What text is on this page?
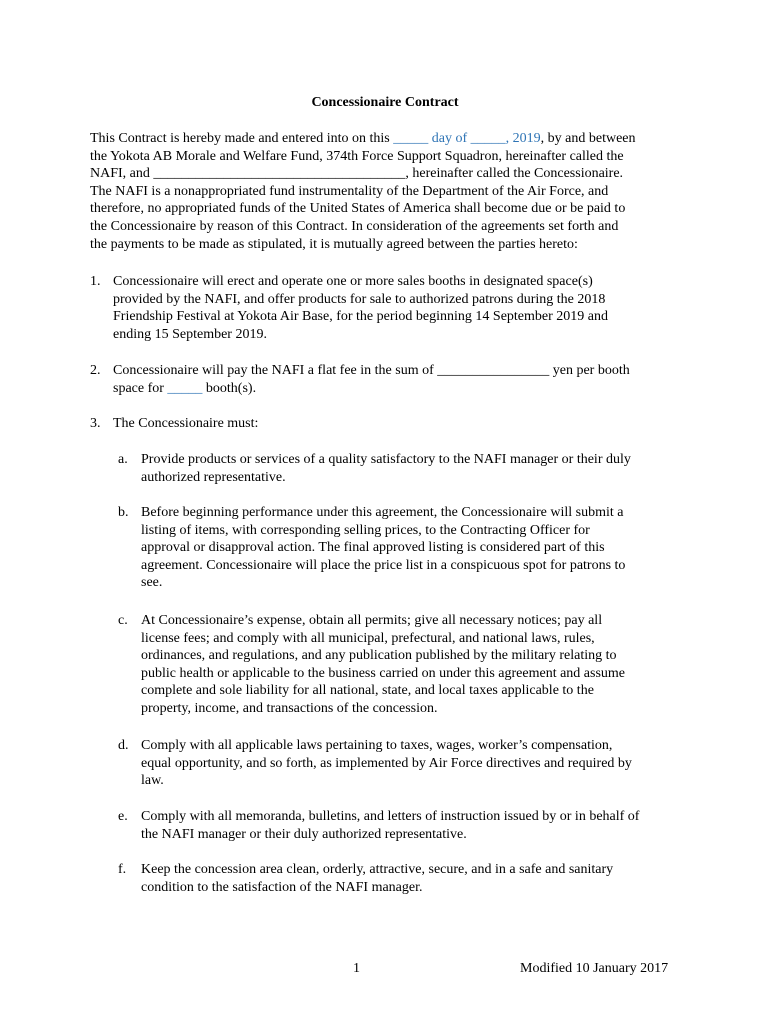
Concessionaire Contract
This Contract is hereby made and entered into on this _____ day of _____, 2019, by and between
the Yokota AB Morale and Welfare Fund, 374th Force Support Squadron, hereinafter called the
NAFI, and ____________________________________, hereinafter called the Concessionaire.
The NAFI is a nonappropriated fund instrumentality of the Department of the Air Force, and
therefore, no appropriated funds of the United States of America shall become due or be paid to
the Concessionaire by reason of this Contract. In consideration of the agreements set forth and
the payments to be made as stipulated, it is mutually agreed between the parties hereto:
1. Concessionaire will erect and operate one or more sales booths in designated space(s)
provided by the NAFI, and offer products for sale to authorized patrons during the 2018
Friendship Festival at Yokota Air Base, for the period beginning 14 September 2019 and
ending 15 September 2019.
2. Concessionaire will pay the NAFI a flat fee in the sum of ________________ yen per booth
space for _____ booth(s).
3. The Concessionaire must:
a. Provide products or services of a quality satisfactory to the NAFI manager or their duly
authorized representative.
b. Before beginning performance under this agreement, the Concessionaire will submit a
listing of items, with corresponding selling prices, to the Contracting Officer for
approval or disapproval action. The final approved listing is considered part of this
agreement. Concessionaire will place the price list in a conspicuous spot for patrons to
see.
c. At Concessionaire’s expense, obtain all permits; give all necessary notices; pay all
license fees; and comply with all municipal, prefectural, and national laws, rules,
ordinances, and regulations, and any publication published by the military relating to
public health or applicable to the business carried on under this agreement and assume
complete and sole liability for all national, state, and local taxes applicable to the
property, income, and transactions of the concession.
d. Comply with all applicable laws pertaining to taxes, wages, worker’s compensation,
equal opportunity, and so forth, as implemented by Air Force directives and required by
law.
e. Comply with all memoranda, bulletins, and letters of instruction issued by or in behalf of
the NAFI manager or their duly authorized representative.
f. Keep the concession area clean, orderly, attractive, secure, and in a safe and sanitary
condition to the satisfaction of the NAFI manager.
1	Modified 10 January 2017
